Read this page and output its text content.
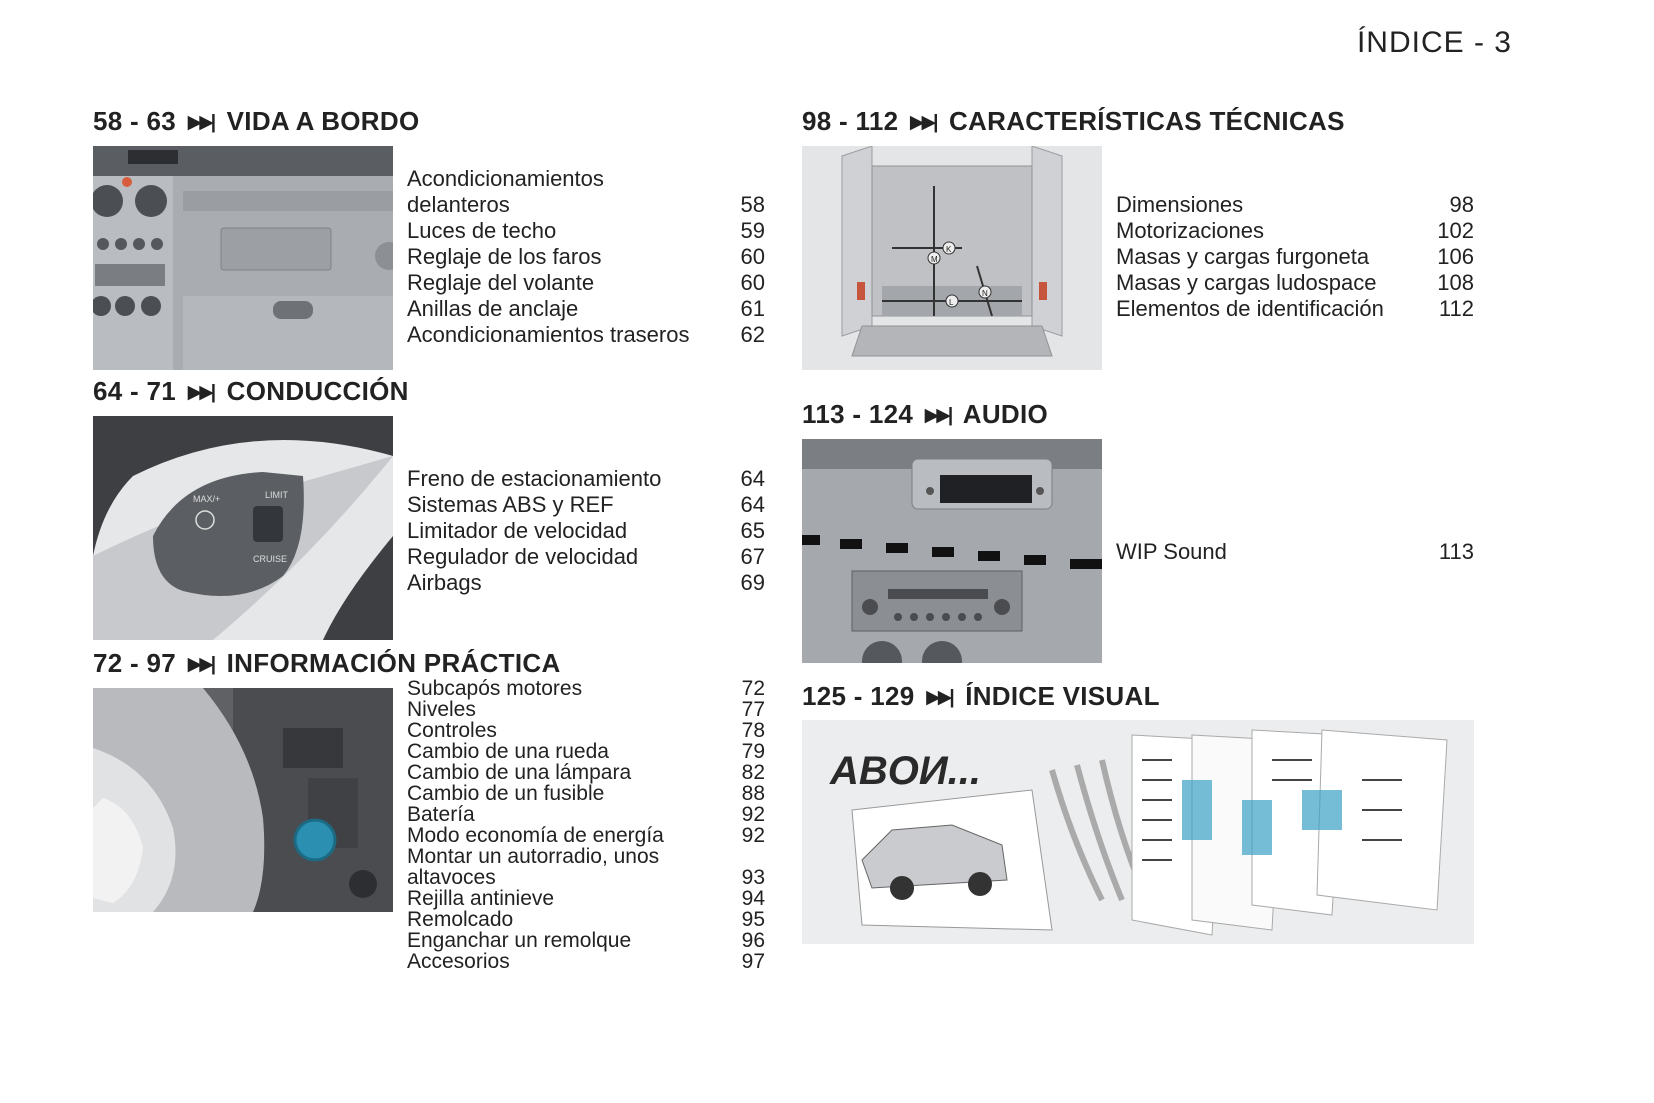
ÍNDICE - 3
58 - 63 ▶▶| VIDA A BORDO
Acondicionamientos
delanteros	58
Luces de techo	59
Reglaje de los faros	60
Reglaje del volante	60
Anillas de anclaje	61
Acondicionamientos traseros	62
64 - 71 ▶▶| CONDUCCIÓN
MAX/+	LIMIT
CRUISE
Freno de estacionamiento	64
Sistemas ABS y REF	64
Limitador de velocidad	65
Regulador de velocidad	67
Airbags	69
72 - 97 ▶▶| INFORMACIÓN PRÁCTICA
Subcapós motores	72
Niveles	77
Controles	78
Cambio de una rueda	79
Cambio de una lámpara	82
Cambio de un fusible	88
Batería	92
Modo economía de energía	92
Montar un autorradio, unos
altavoces	93
Rejilla antinieve	94
Remolcado	95
Enganchar un remolque	96
Accesorios	97
98 - 112 ▶▶| CARACTERÍSTICAS TÉCNICAS
K
M
L
N
Dimensiones	98
Motorizaciones	102
Masas y cargas furgoneta	106
Masas y cargas ludospace	108
Elementos de identificación	112
113 - 124 ▶▶| AUDIO
WIP Sound	113
125 - 129 ▶▶| ÍNDICE VISUAL
ABOИ...
